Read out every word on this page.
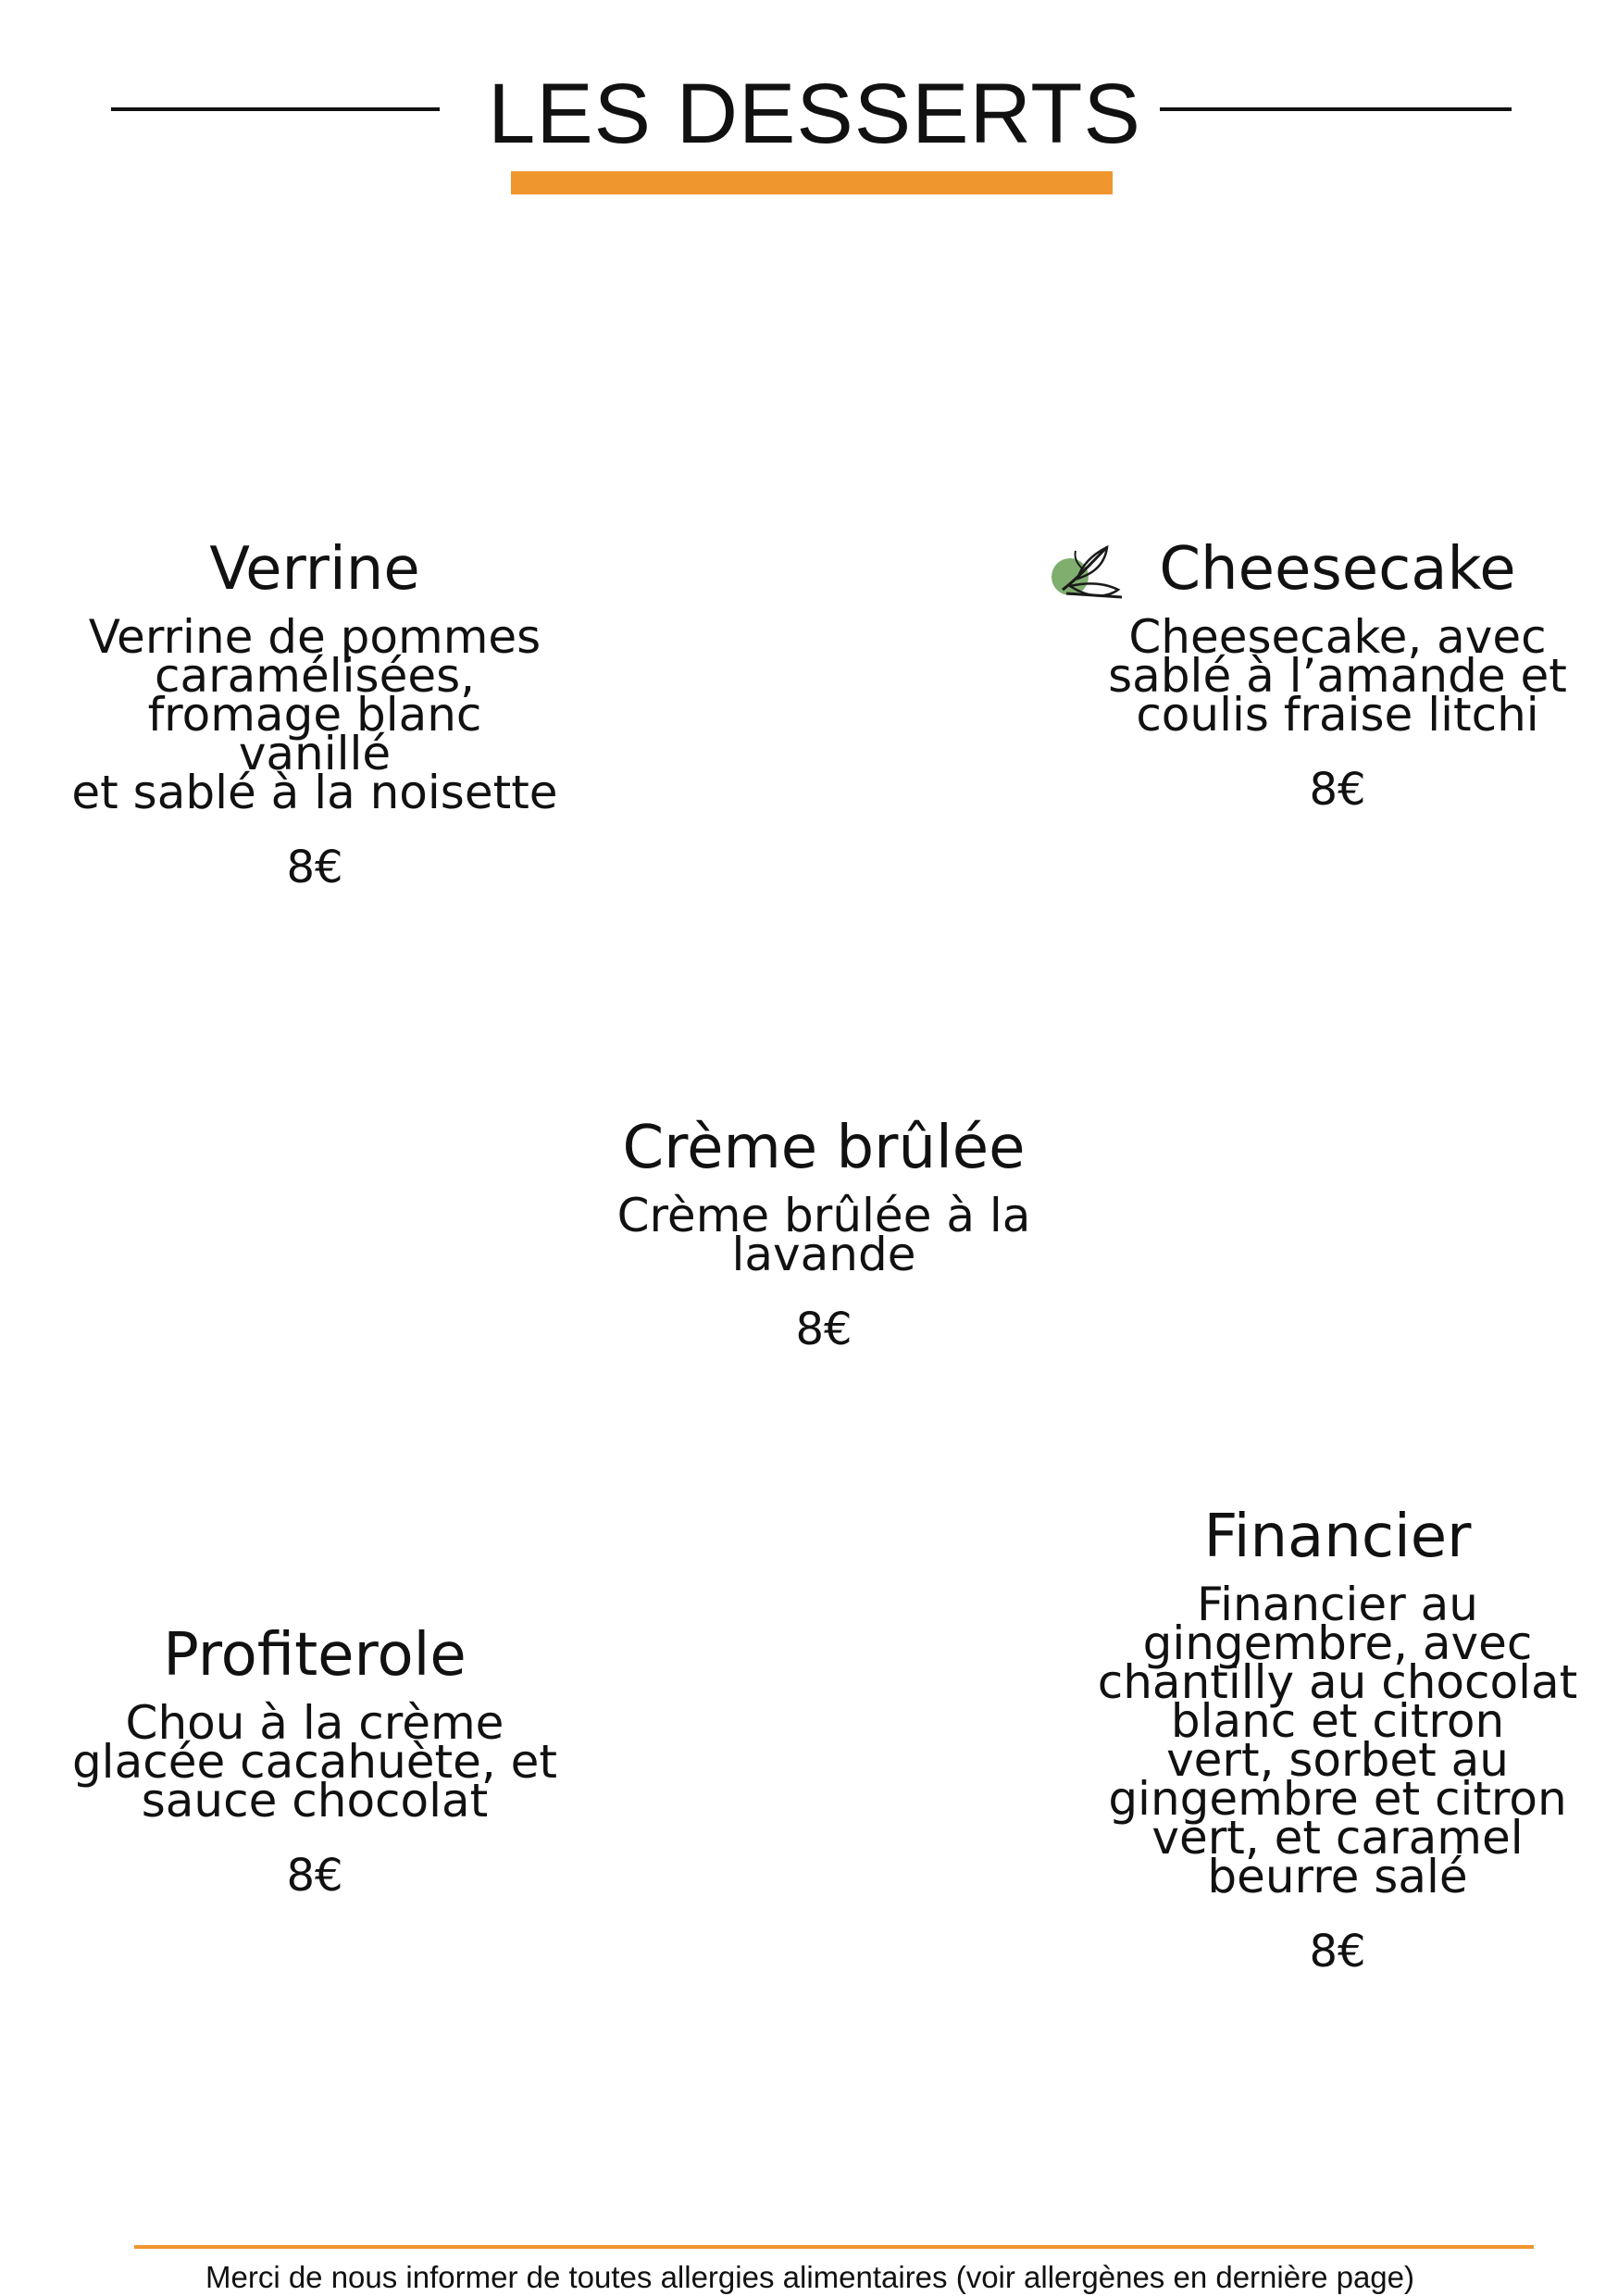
LES DESSERTS
Verrine

Verrine de pommes
caramélisées,
fromage blanc
vanillé
et sablé à la noisette

8€

Cheesecake

Cheesecake, avec
sablé à l’amande et
coulis fraise litchi

8€

Crème brûlée

Crème brûlée à la
lavande

8€

Profiterole

Chou à la crème
glacée cacahuète, et
sauce chocolat

8€

Financier

Financier au
gingembre, avec
chantilly au chocolat
blanc et citron
vert, sorbet au
gingembre et citron
vert, et caramel
beurre salé

8€

Merci de nous informer de toutes allergies alimentaires (voir allergènes en dernière page)
